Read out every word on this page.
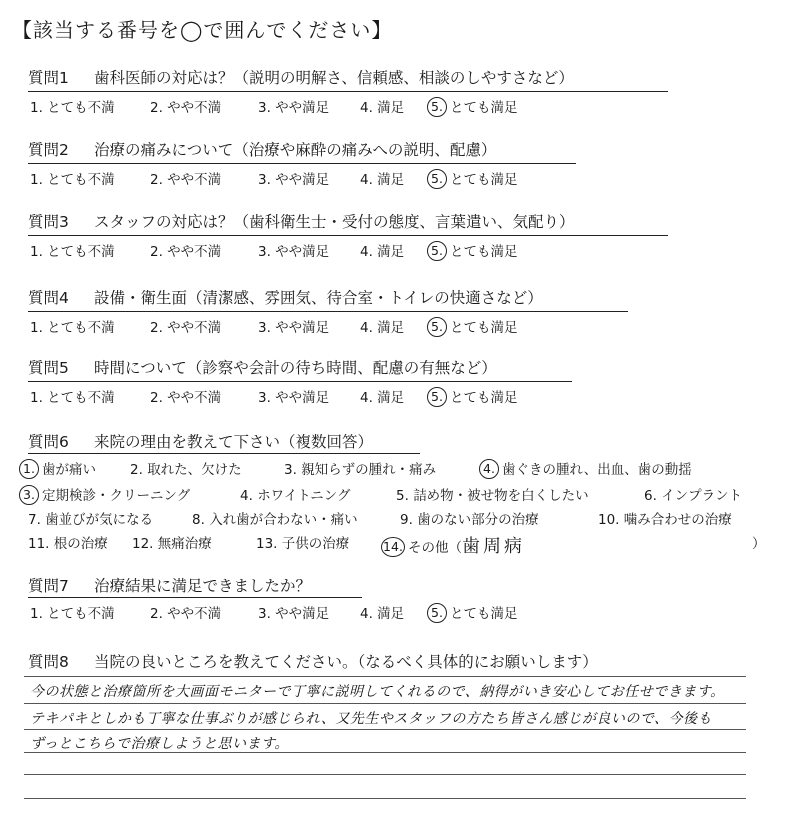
【該当する番号を◯で囲んでください】
質問1	歯科医師の対応は？（説明の明解さ、信頼感、相談のしやすさなど）
1. とても不満	2. やや不満	3. やや満足 4. 満足 5. とても満足
質問2	治療の痛みについて（治療や麻酔の痛みへの説明、配慮）
1. とても不満	2. やや不満	3. やや満足 4. 満足 5. とても満足
質問3	スタッフの対応は？（歯科衛生士・受付の態度、言葉遣い、気配り）
1. とても不満	2. やや不満	3. やや満足 4. 満足 5. とても満足
質問4	設備・衛生面（清潔感、雰囲気、待合室・トイレの快適さなど）
1. とても不満	2. やや不満	3. やや満足 4. 満足 5. とても満足
質問5	時間について（診察や会計の待ち時間、配慮の有無など）
1. とても不満	2. やや不満	3. やや満足 4. 満足 5. とても満足
質問6	来院の理由を教えて下さい（複数回答）
1. 歯が痛い	2. 取れた、欠けた	3. 親知らずの腫れ・痛み	4. 歯ぐきの腫れ、出血、歯の動揺
3. 定期検診・クリーニング	4. ホワイトニング	5. 詰め物・被せ物を白くしたい	6. インプラント
7. 歯並びが気になる	8. 入れ歯が合わない・痛い	9. 歯のない部分の治療	10. 噛み合わせの治療
11. 根の治療 12. 無痛治療	13. 子供の治療	14. その他（歯周病	）
質問7	治療結果に満足できましたか？
1. とても不満	2. やや不満	3. やや満足 4. 満足 5. とても満足
質問8	当院の良いところを教えてください。（なるべく具体的にお願いします）
今の状態と治療箇所を大画面モニターで丁寧に説明してくれるので、納得がいき安心してお任せできます。
テキパキとしかも丁寧な仕事ぶりが感じられ、又先生やスタッフの方たち皆さん感じが良いので、今後も
ずっとこちらで治療しようと思います。
